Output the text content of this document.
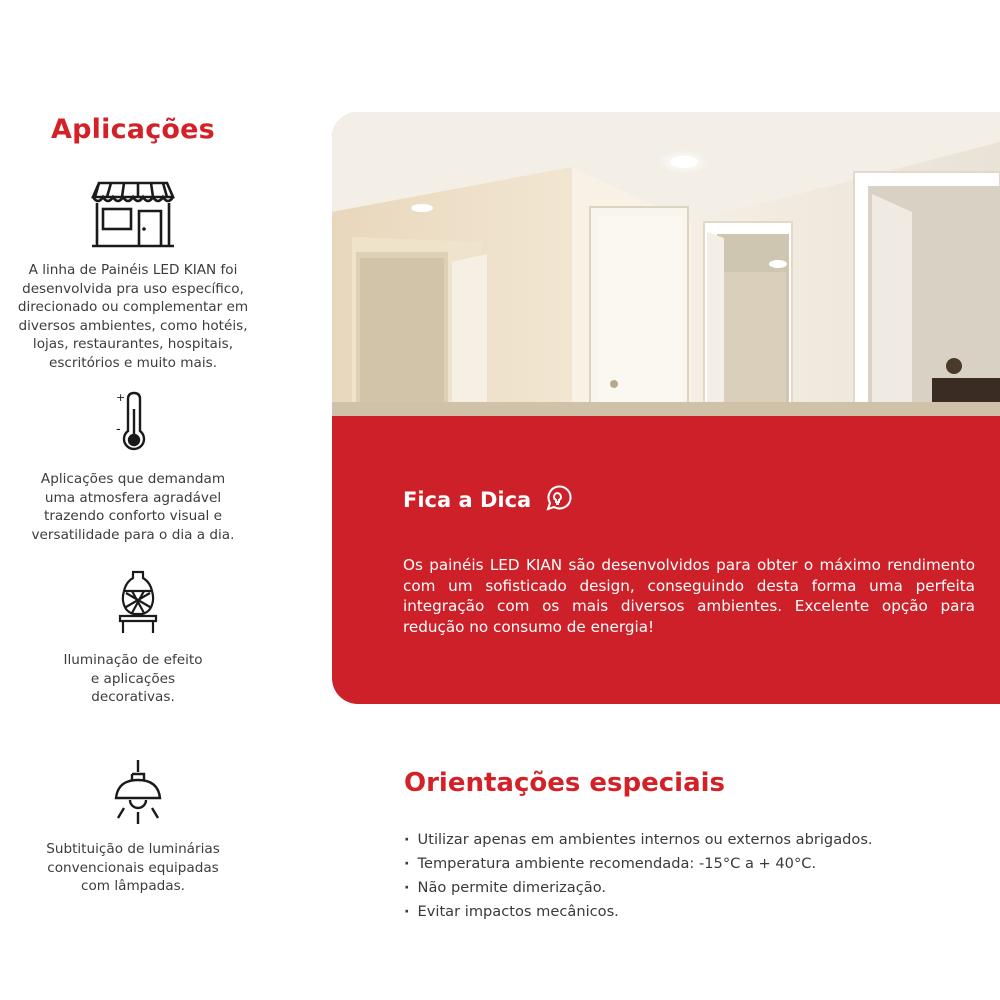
Aplicações
A linha de Painéis LED KIAN foi desenvolvida pra uso específico, direcionado ou complementar em diversos ambientes, como hotéis, lojas, restaurantes, hospitais, escritórios e muito mais.
+
-
Aplicações que demandam uma atmosfera agradável trazendo conforto visual e versatilidade para o dia a dia.
Iluminação de efeito e aplicações decorativas.
Subtituição de luminárias convencionais equipadas com lâmpadas.
Fica a Dica
Os painéis LED KIAN são desenvolvidos para obter o máximo rendimento com um sofisticado design, conseguindo desta forma uma perfeita integração com os mais diversos ambientes. Excelente opção para redução no consumo de energia!
Orientações especiais
· Utilizar apenas em ambientes internos ou externos abrigados.
· Temperatura ambiente recomendada: -15°C a + 40°C.
· Não permite dimerização.
· Evitar impactos mecânicos.
